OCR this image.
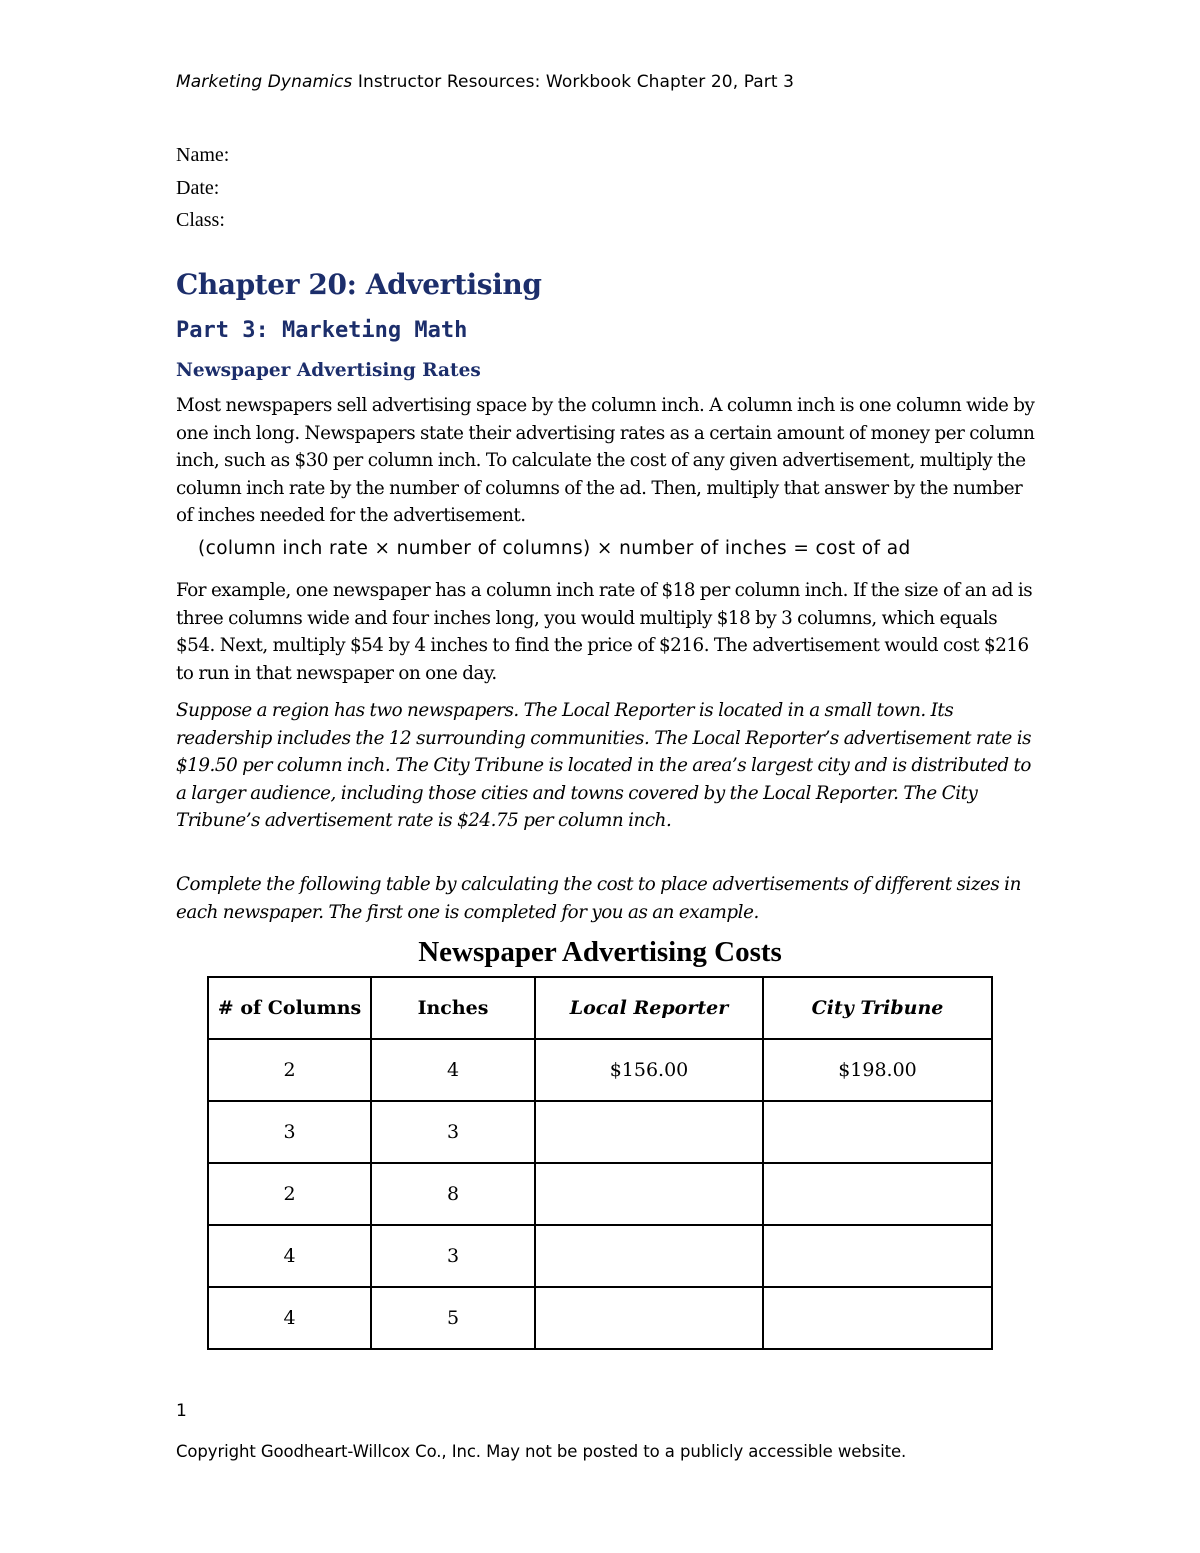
Marketing Dynamics Instructor Resources: Workbook Chapter 20, Part 3
Name:
Date:
Class:
Chapter 20: Advertising
Part 3: Marketing Math
Newspaper Advertising Rates

Most newspapers sell advertising space by the column inch. A column inch is one column wide by one inch long. Newspapers state their advertising rates as a certain amount of money per column inch, such as $30 per column inch. To calculate the cost of any given advertisement, multiply the column inch rate by the number of columns of the ad. Then, multiply that answer by the number of inches needed for the advertisement.

(column inch rate × number of columns) × number of inches = cost of ad

For example, one newspaper has a column inch rate of $18 per column inch. If the size of an ad is three columns wide and four inches long, you would multiply $18 by 3 columns, which equals $54. Next, multiply $54 by 4 inches to find the price of $216. The advertisement would cost $216 to run in that newspaper on one day.

Suppose a region has two newspapers. The Local Reporter is located in a small town. Its readership includes the 12 surrounding communities. The Local Reporter’s advertisement rate is $19.50 per column inch. The City Tribune is located in the area’s largest city and is distributed to a larger audience, including those cities and towns covered by the Local Reporter. The City Tribune’s advertisement rate is $24.75 per column inch.

Complete the following table by calculating the cost to place advertisements of different sizes in each newspaper. The first one is completed for you as an example.

Newspaper Advertising Costs
# of Columns	Inches	Local Reporter	City Tribune
2	4	$156.00	$198.00
3	3		
2	8		
4	3		
4	5		
1
Copyright Goodheart-Willcox Co., Inc. May not be posted to a publicly accessible website.
